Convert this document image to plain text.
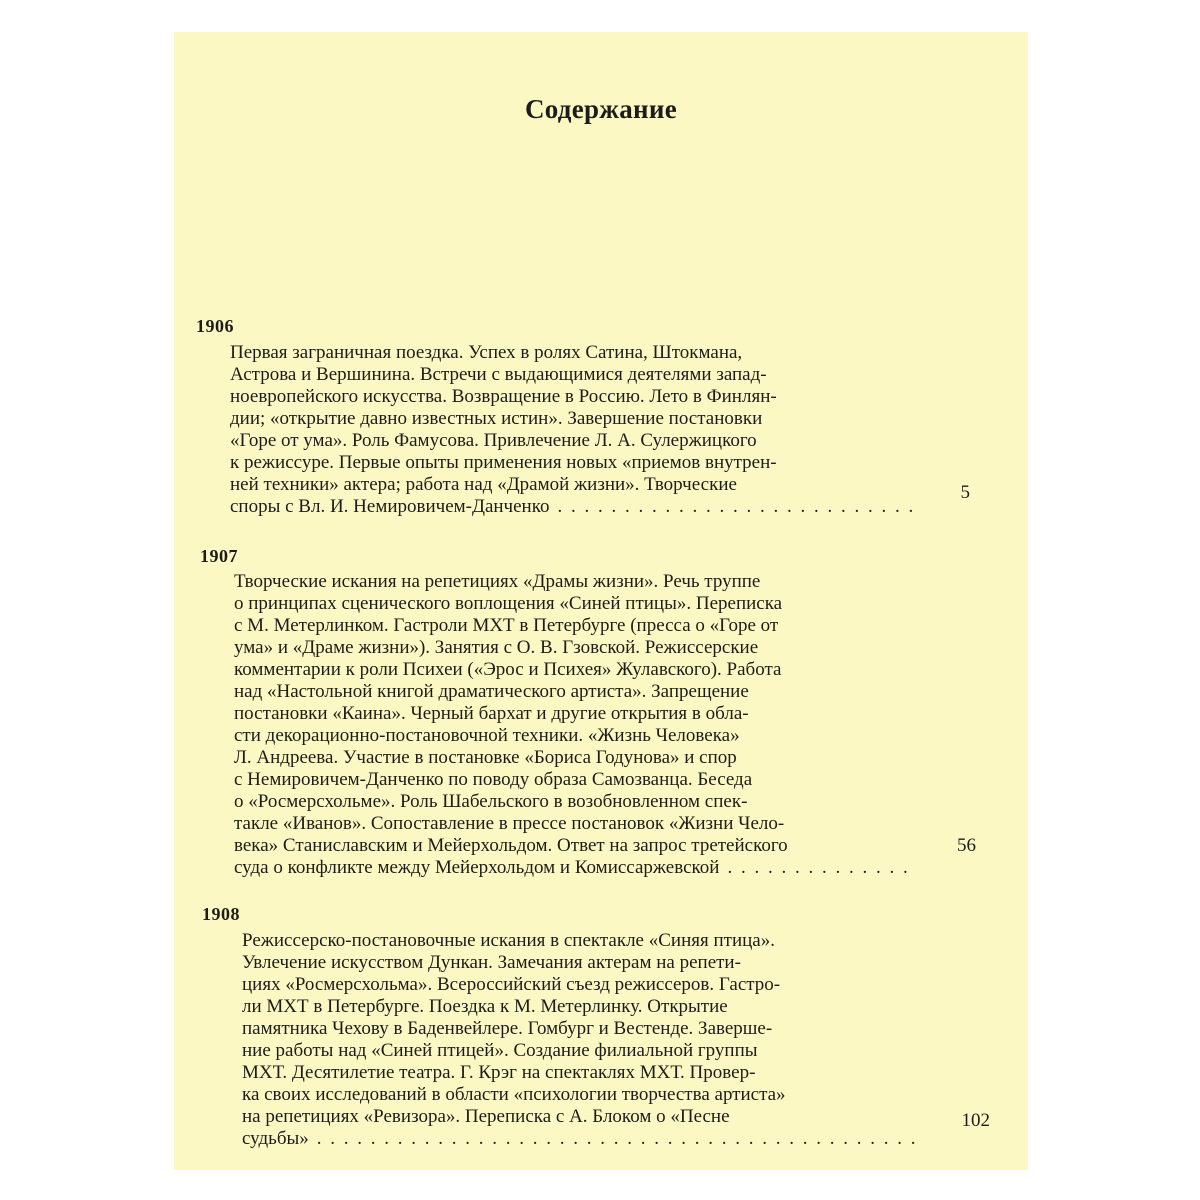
Содержание
1906
Первая заграничная поездка. Успех в ролях Сатина, Штокмана,
Астрова и Вершинина. Встречи с выдающимися деятелями запад-
ноевропейского искусства. Возвращение в Россию. Лето в Финлян-
дии; «открытие давно известных истин». Завершение постановки
«Горе от ума». Роль Фамусова. Привлечение Л. А. Сулержицкого
к режиссуре. Первые опыты применения новых «приемов внутрен-
ней техники» актера; работа над «Драмой жизни». Творческие
споры с Вл. И. Немировичем-Данченко
. . .
5
1907
Творческие искания на репетициях «Драмы жизни». Речь труппе
о принципах сценического воплощения «Синей птицы». Переписка
с М. Метерлинком. Гастроли МХТ в Петербурге (пресса о «Горе от
ума» и «Драме жизни»). Занятия с О. В. Гзовской. Режиссерские
комментарии к роли Психеи («Эрос и Психея» Жулавского). Работа
над «Настольной книгой драматического артиста». Запрещение
постановки «Каина». Черный бархат и другие открытия в обла-
сти декорационно-постановочной техники. «Жизнь Человека»
Л. Андреева. Участие в постановке «Бориса Годунова» и спор
с Немировичем-Данченко по поводу образа Самозванца. Беседа
о «Росмерсхольме». Роль Шабельского в возобновленном спек-
такле «Иванов». Сопоставление в прессе постановок «Жизни Чело-
века» Станиславским и Мейерхольдом. Ответ на запрос третейского
суда о конфликте между Мейерхольдом и Комиссаржевской
. . .
56
1908
Режиссерско-постановочные искания в спектакле «Синяя птица».
Увлечение искусством Дункан. Замечания актерам на репети-
циях «Росмерсхольма». Всероссийский съезд режиссеров. Гастро-
ли МХТ в Петербурге. Поездка к М. Метерлинку. Открытие
памятника Чехову в Баденвейлере. Гомбург и Вестенде. Заверше-
ние работы над «Синей птицей». Создание филиальной группы
МХТ. Десятилетие театра. Г. Крэг на спектаклях МХТ. Провер-
ка своих исследований в области «психологии творчества артиста»
на репетициях «Ревизора». Переписка с А. Блоком о «Песне
судьбы»
. . .
102
